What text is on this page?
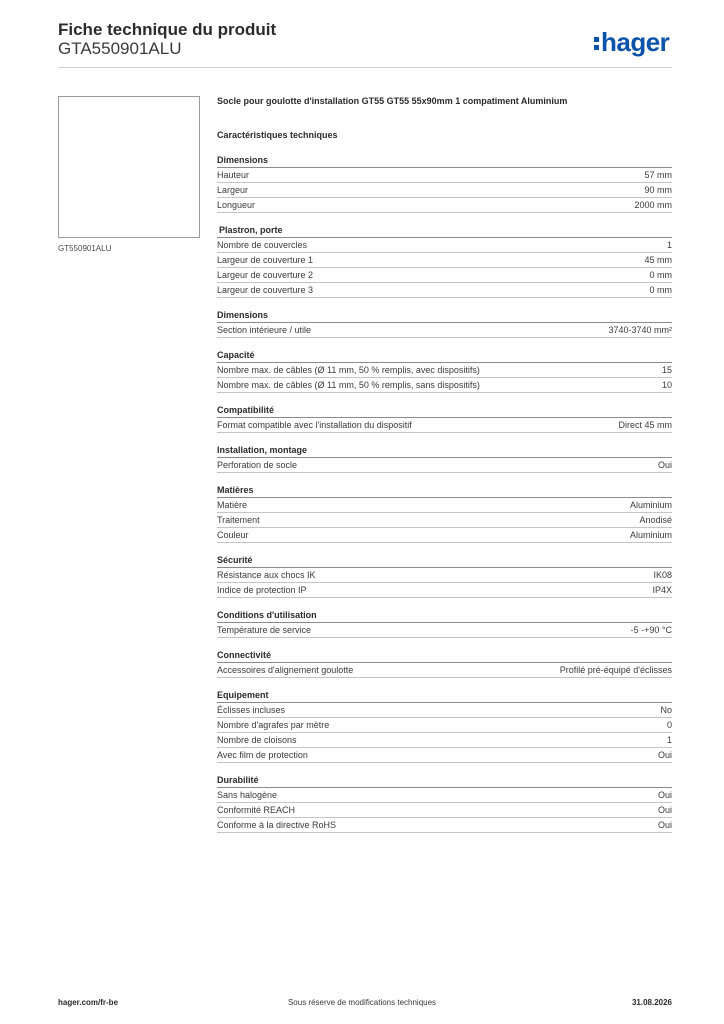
Fiche technique du produit
GTA550901ALU	hager
GT550901ALU
Socle pour goulotte d'installation GT55 GT55 55x90mm 1 compatiment Aluminium
Caractéristiques techniques
Dimensions
Hauteur	57 mm
Largeur	90 mm
Longueur	2000 mm
Plastron, porte
Nombre de couvercles	1
Largeur de couverture 1	45 mm
Largeur de couverture 2	0 mm
Largeur de couverture 3	0 mm
Dimensions
Section intérieure / utile	3740-3740 mm²
Capacité
Nombre max. de câbles (Ø 11 mm, 50 % remplis, avec dispositifs)	15
Nombre max. de câbles (Ø 11 mm, 50 % remplis, sans dispositifs)	10
Compatibilité
Format compatible avec l'installation du dispositif	Direct 45 mm
Installation, montage
Perforation de socle	Oui
Matières
Matière	Aluminium
Traitement	Anodisé
Couleur	Aluminium
Sécurité
Résistance aux chocs IK	IK08
Indice de protection IP	IP4X
Conditions d'utilisation
Température de service	-5 -+90 °C
Connectivité
Accessoires d'alignement goulotte	Profilé pré-équipé d'éclisses
Equipement
Éclisses incluses	No
Nombre d'agrafes par mètre	0
Nombre de cloisons	1
Avec film de protection	Oui
Durabilité
Sans halogène	Oui
Conformité REACH	Oui
Conforme à la directive RoHS	Oui
hager.com/fr-be	Sous réserve de modifications techniques	31.08.2026
